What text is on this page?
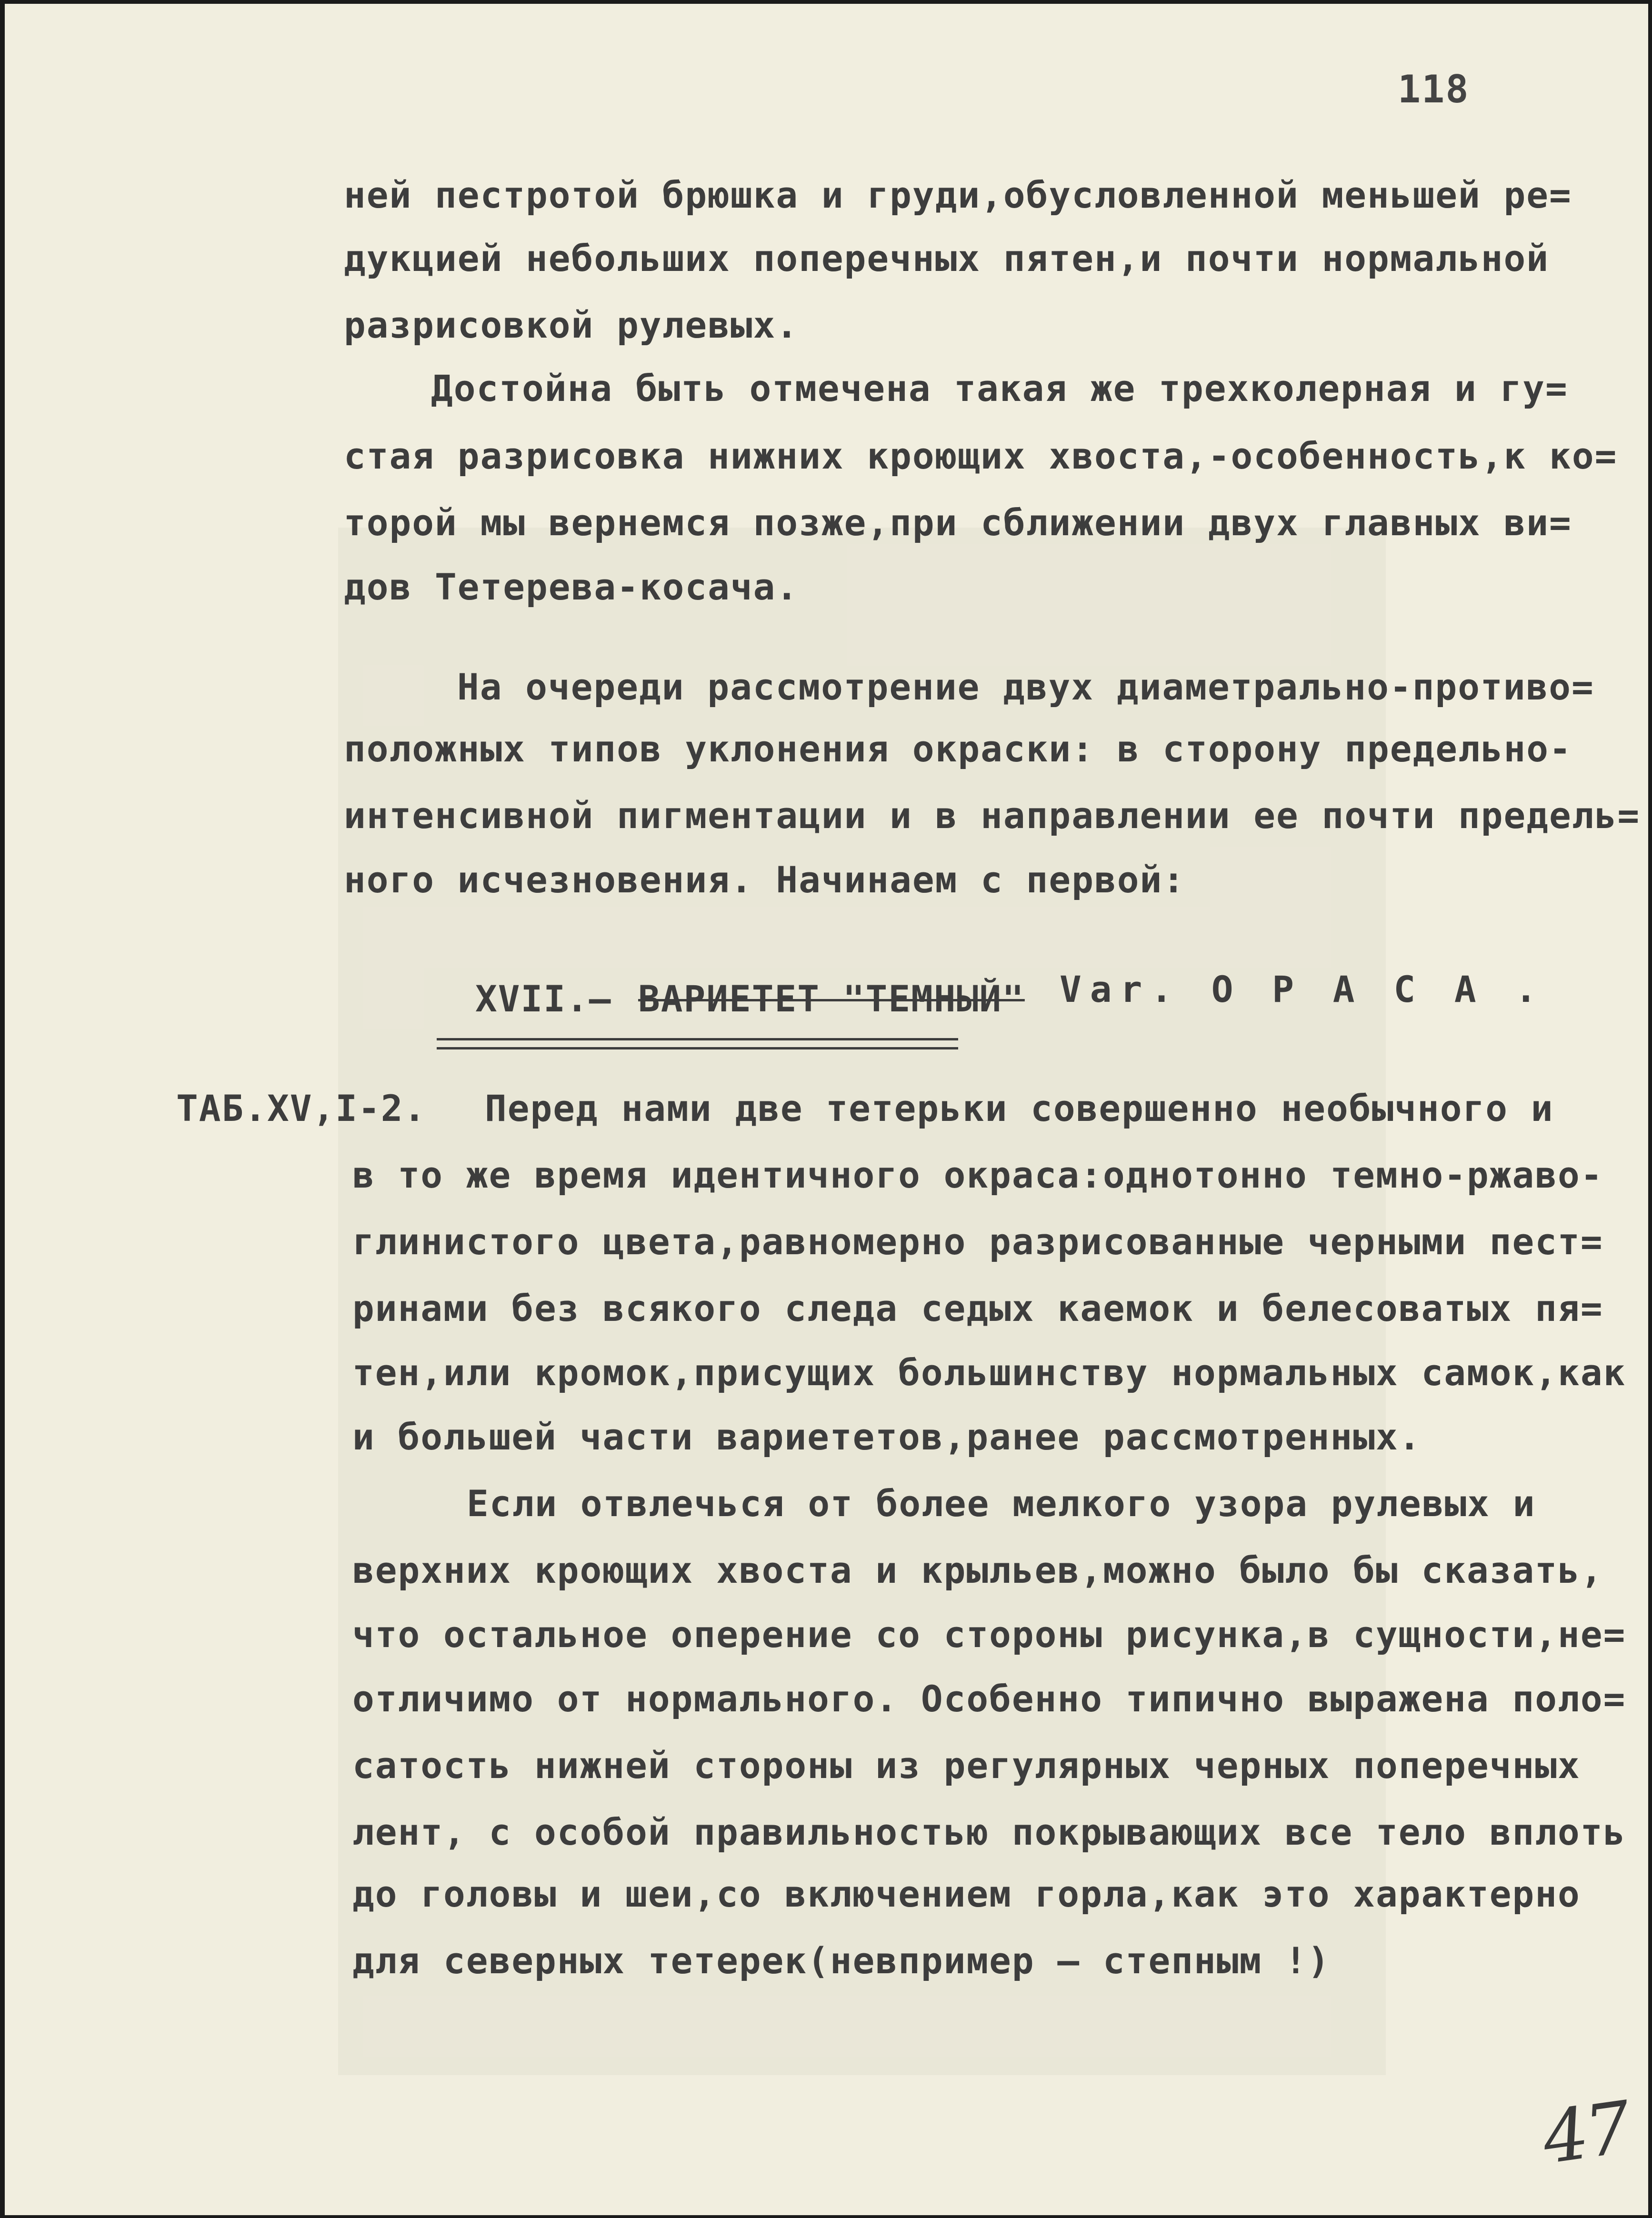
118
ней пестротой брюшка и груди,обусловленной меньшей ре=
дукцией небольших поперечных пятен,и почти нормальной
разрисовкой рулевых.
Достойна быть отмечена такая же трехколерная и гу=
стая разрисовка нижних кроющих хвоста,-особенность,к ко=
торой мы вернемся позже,при сближении двух главных ви=
дов Тетерева-косача.
На очереди рассмотрение двух диаметрально-противо=
положных типов уклонения окраски: в сторону предельно-
интенсивной пигментации и в направлении ее почти предель=
ного исчезновения. Начинаем с первой:
XVII.– ВАРИЕТЕТ "ТЕМНЫЙ" Var. O P A C A .
ТАБ.XV,I-2. Перед нами две тетерьки совершенно необычного и
в то же время идентичного окраса:однотонно темно-ржаво-
глинистого цвета,равномерно разрисованные черными пест=
ринами без всякого следа седых каемок и белесоватых пя=
тен,или кромок,присущих большинству нормальных самок,как
и большей части вариететов,ранее рассмотренных.
Если отвлечься от более мелкого узора рулевых и
верхних кроющих хвоста и крыльев,можно было бы сказать,
что остальное оперение со стороны рисунка,в сущности,не=
отличимо от нормального. Особенно типично выражена поло=
сатость нижней стороны из регулярных черных поперечных
лент, с особой правильностью покрывающих все тело вплоть
до головы и шеи,со включением горла,как это характерно
для северных тетерек(невпример – степным !)
47
